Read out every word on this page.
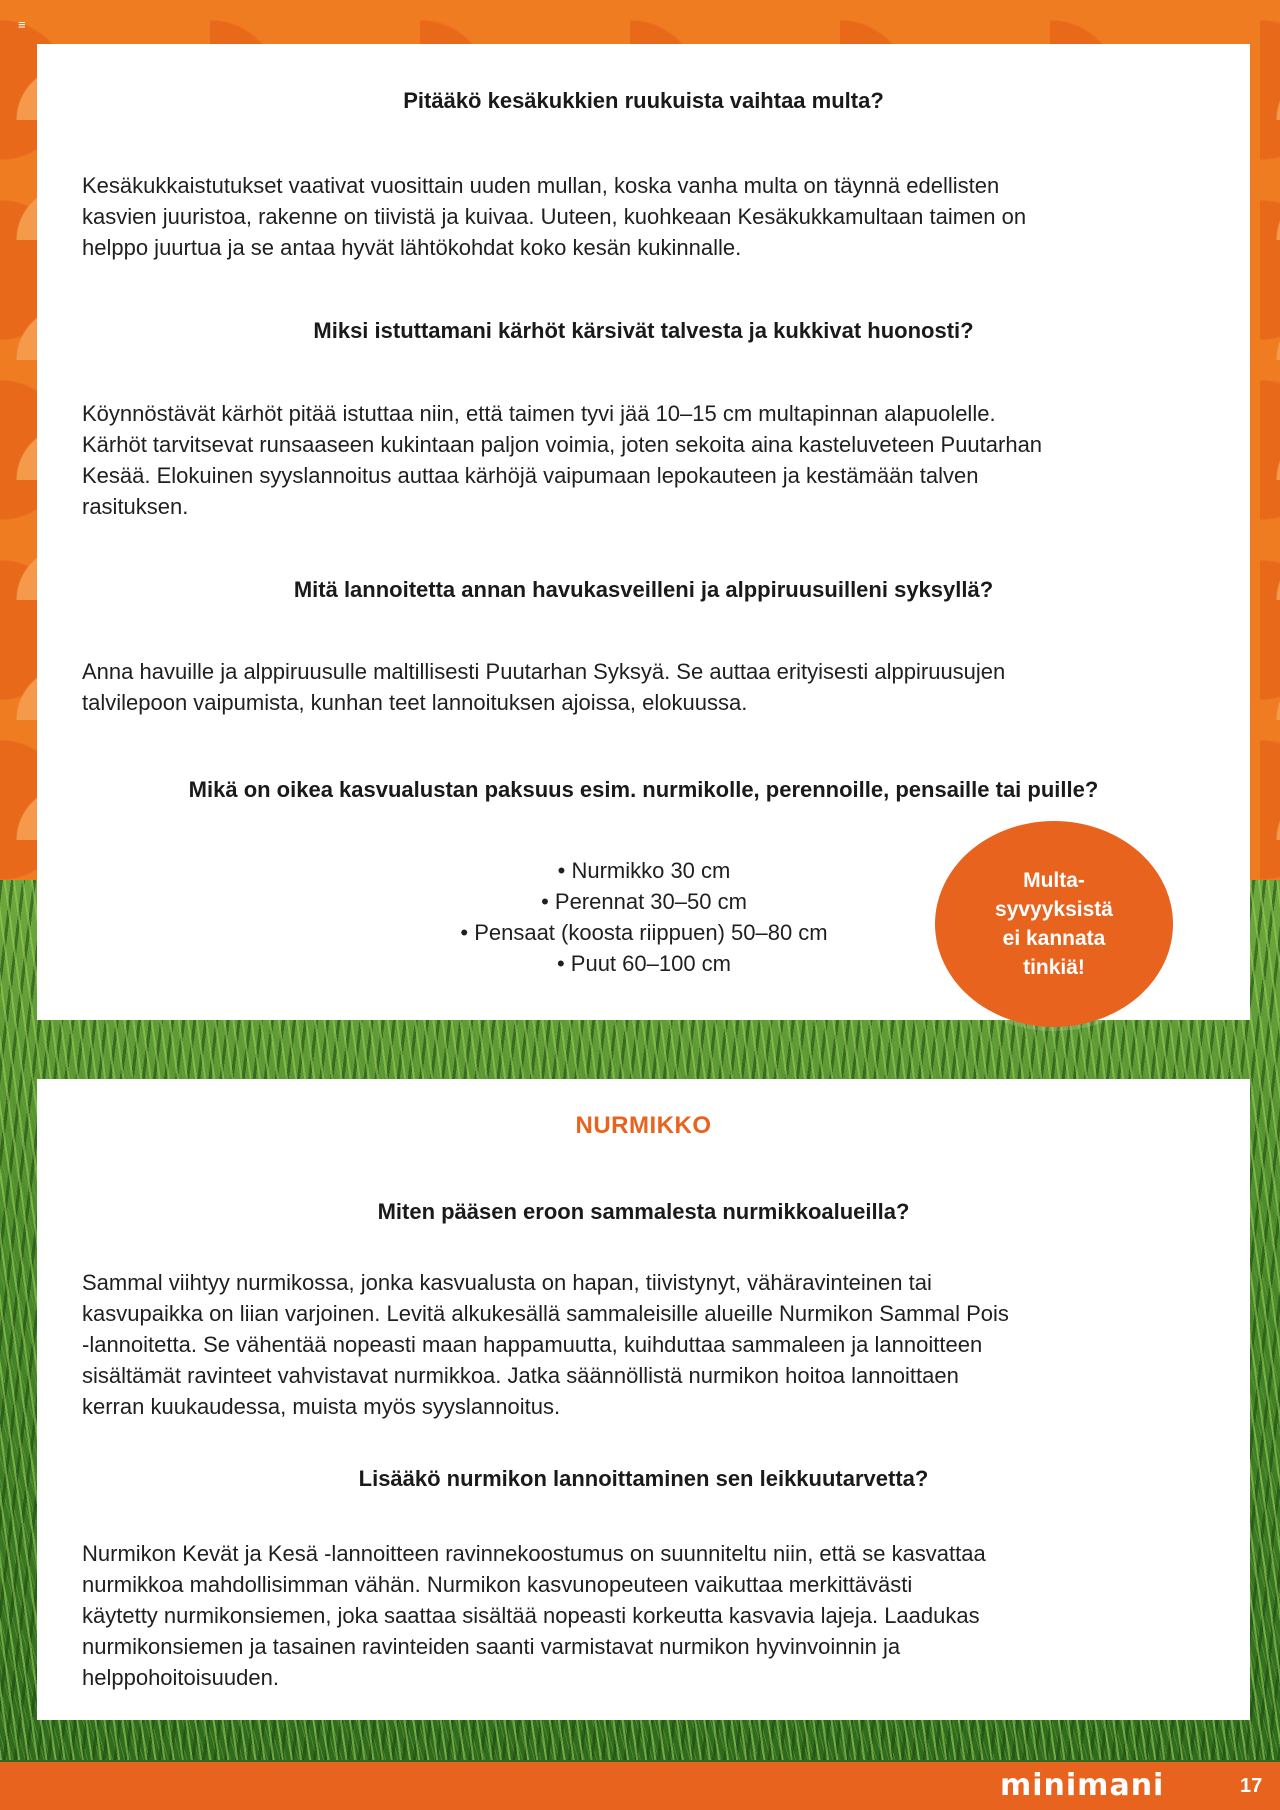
≡
Pitääkö kesäkukkien ruukuista vaihtaa multa?
Kesäkukkaistutukset vaativat vuosittain uuden mullan, koska vanha multa on täynnä edellisten
kasvien juuristoa, rakenne on tiivistä ja kuivaa. Uuteen, kuohkeaan Kesäkukkamultaan taimen on
helppo juurtua ja se antaa hyvät lähtökohdat koko kesän kukinnalle.
Miksi istuttamani kärhöt kärsivät talvesta ja kukkivat huonosti?
Köynnöstävät kärhöt pitää istuttaa niin, että taimen tyvi jää 10–15 cm multapinnan alapuolelle.
Kärhöt tarvitsevat runsaaseen kukintaan paljon voimia, joten sekoita aina kasteluveteen Puutarhan
Kesää. Elokuinen syyslannoitus auttaa kärhöjä vaipumaan lepokauteen ja kestämään talven
rasituksen.
Mitä lannoitetta annan havukasveilleni ja alppiruusuilleni syksyllä?
Anna havuille ja alppiruusulle maltillisesti Puutarhan Syksyä. Se auttaa erityisesti alppiruusujen
talvilepoon vaipumista, kunhan teet lannoituksen ajoissa, elokuussa.
Mikä on oikea kasvualustan paksuus esim. nurmikolle, perennoille, pensaille tai puille?
• Nurmikko 30 cm
• Perennat 30–50 cm
• Pensaat (koosta riippuen) 50–80 cm
• Puut 60–100 cm
Multa-
syvyyksistä
ei kannata
tinkiä!
NURMIKKO
Miten pääsen eroon sammalesta nurmikkoalueilla?
Sammal viihtyy nurmikossa, jonka kasvualusta on hapan, tiivistynyt, vähäravinteinen tai
kasvupaikka on liian varjoinen. Levitä alkukesällä sammaleisille alueille Nurmikon Sammal Pois
-lannoitetta. Se vähentää nopeasti maan happamuutta, kuihduttaa sammaleen ja lannoitteen
sisältämät ravinteet vahvistavat nurmikkoa. Jatka säännöllistä nurmikon hoitoa lannoittaen
kerran kuukaudessa, muista myös syyslannoitus.
Lisääkö nurmikon lannoittaminen sen leikkuutarvetta?
Nurmikon Kevät ja Kesä -lannoitteen ravinnekoostumus on suunniteltu niin, että se kasvattaa
nurmikkoa mahdollisimman vähän. Nurmikon kasvunopeuteen vaikuttaa merkittävästi
käytetty nurmikonsiemen, joka saattaa sisältää nopeasti korkeutta kasvavia lajeja. Laadukas
nurmikonsiemen ja tasainen ravinteiden saanti varmistavat nurmikon hyvinvoinnin ja
helppohoitoisuuden.
minimani	17
